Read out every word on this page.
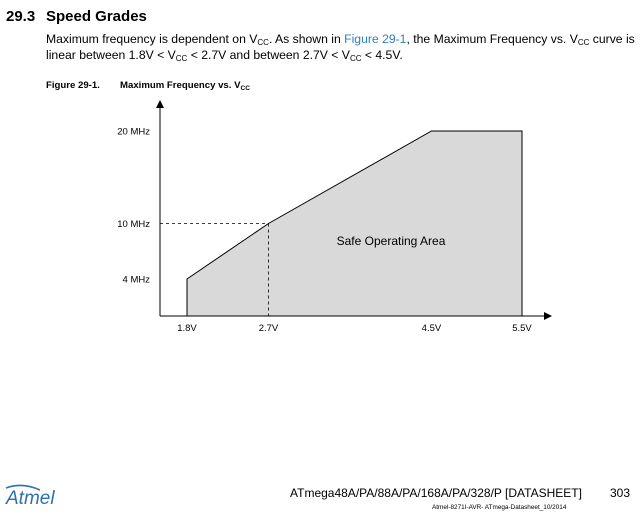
29.3 Speed Grades
Maximum frequency is dependent on $V_{CC}$. As shown in Figure 29-1, the Maximum Frequency vs. $V_{CC}$ curve is
linear between $1.8V < V_{CC} < 2.7V$ and between $2.7V < V_{CC} < 4.5V$.
Figure 29-1. Maximum Frequency vs. $V_{CC}$
4 MHz
10 MHz
20 MHz
1.8V	2.7V	4.5V	5.5V
Safe Operating Area
Atmel	ATmega48A/PA/88A/PA/168A/PA/328/P [DATASHEET] 303
Atmel-8271I-AVR- ATmega-Datasheet_10/2014
